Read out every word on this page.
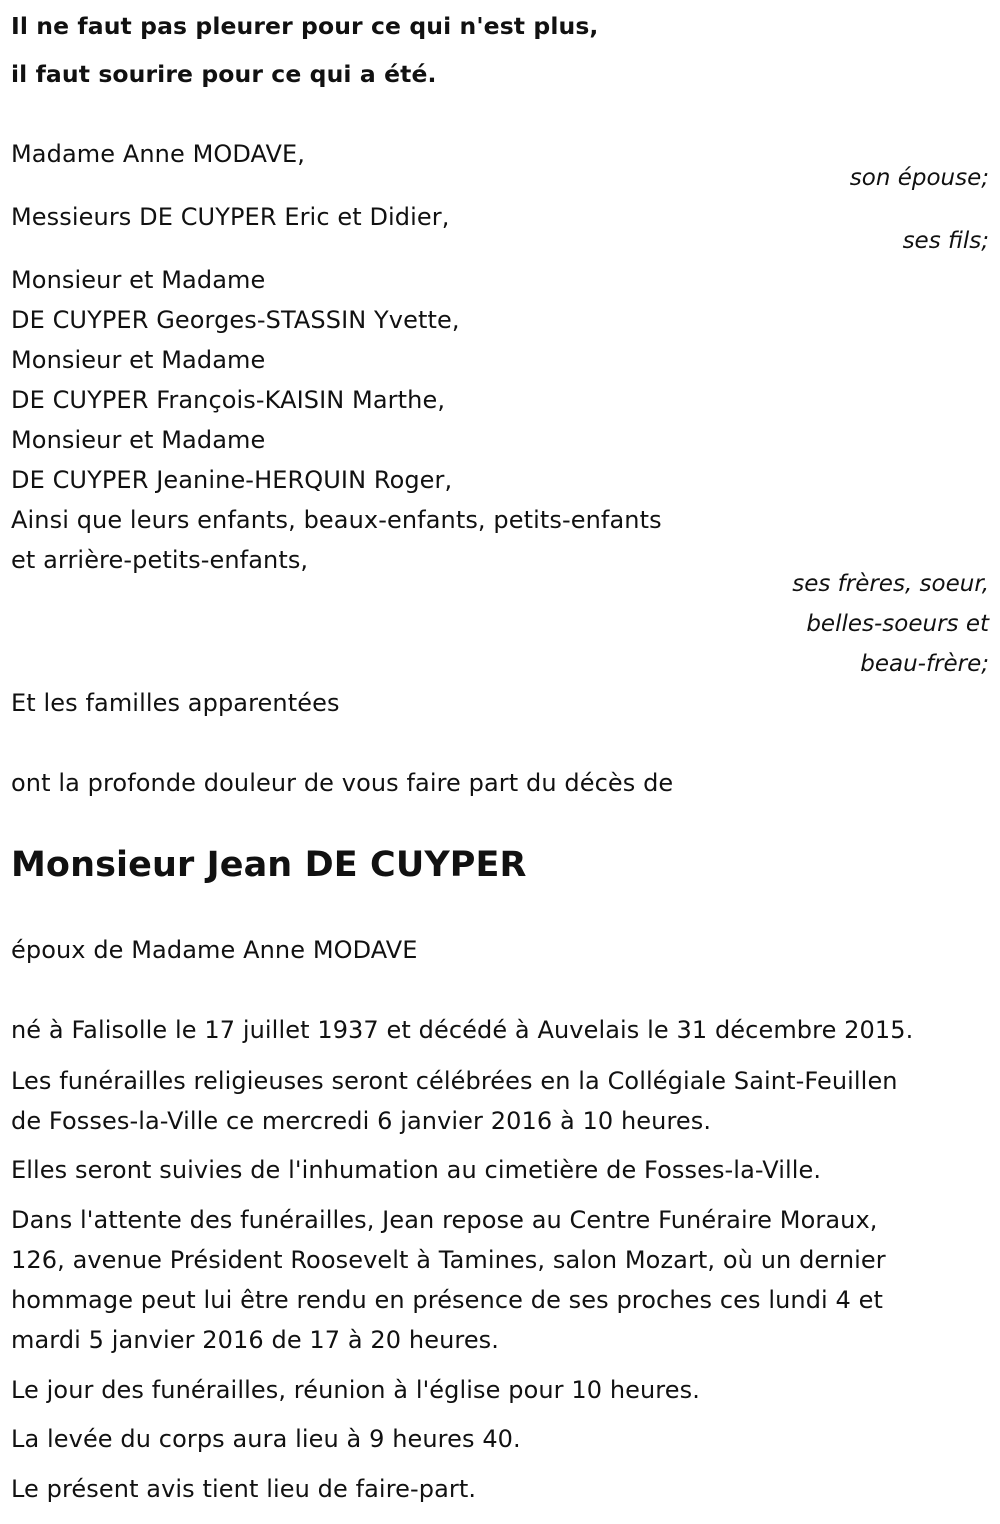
Il ne faut pas pleurer pour ce qui n'est plus,

il faut sourire pour ce qui a été.

Madame Anne MODAVE,

son épouse;

Messieurs DE CUYPER Eric et Didier,

ses fils;

Monsieur et Madame

DE CUYPER Georges-STASSIN Yvette,

Monsieur et Madame

DE CUYPER François-KAISIN Marthe,

Monsieur et Madame

DE CUYPER Jeanine-HERQUIN Roger,

Ainsi que leurs enfants, beaux-enfants, petits-enfants

et arrière-petits-enfants,

ses frères, soeur,

belles-soeurs et

beau-frère;

Et les familles apparentées

ont la profonde douleur de vous faire part du décès de

Monsieur Jean DE CUYPER

époux de Madame Anne MODAVE

né à Falisolle le 17 juillet 1937 et décédé à Auvelais le 31 décembre 2015.

Les funérailles religieuses seront célébrées en la Collégiale Saint-Feuillen

de Fosses-la-Ville ce mercredi 6 janvier 2016 à 10 heures.

Elles seront suivies de l'inhumation au cimetière de Fosses-la-Ville.

Dans l'attente des funérailles, Jean repose au Centre Funéraire Moraux,

126, avenue Président Roosevelt à Tamines, salon Mozart, où un dernier

hommage peut lui être rendu en présence de ses proches ces lundi 4 et

mardi 5 janvier 2016 de 17 à 20 heures.

Le jour des funérailles, réunion à l'église pour 10 heures.

La levée du corps aura lieu à 9 heures 40.

Le présent avis tient lieu de faire-part.
